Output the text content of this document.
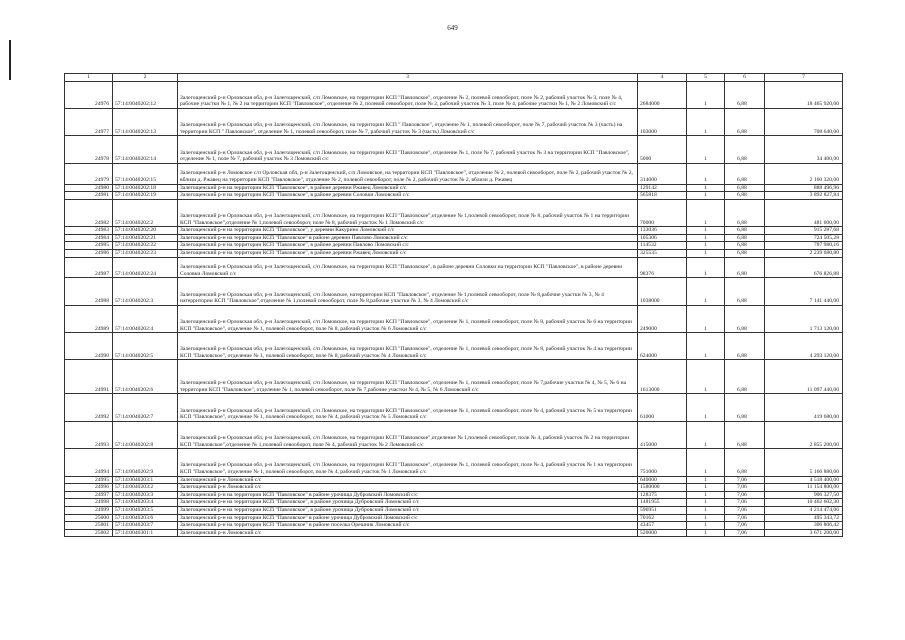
649
1	2	3	4	5	6	7
24976	57:14:0040202:12	Залегощенский р-н Орловская обл, р-н Залегощенский, с/п Ломовское, на территории КСП "Павловское", отделение № 2, полевой севооборот, поле № 2, рабочий участок № 3, поле № 4, рабочие участки № 1, № 2 на территории КСП "Павловское", отделение № 2, полевой севооборот, поле № 2, рабочий участок № 3, поле № 4, рабочие участки № 1, № 2 Ломовский с/с	2684000	1	6,88	18 465 920,00
24977	57:14:0040202:13	Залегощенский р-н Орловская обл, р-н Залегощенский, с/п Ломовское, на территории КСП " Павловское", отделение № 1, полевой севооборот, поле № 7, рабочий участок № 3 (часть) на территории КСП " Павловское", отделение № 1, полевой севооборот, поле № 7, рабочий участок № 3 (часть) Ломовский с/с	103000	1	6,88	708 640,00
24978	57:14:0040202:14	Залегощенский р-н Орловская обл, р-н Залегощенский, с/п Ломовское, на территории КСП "Павловское", отделение № 1, поле № 7, рабочий участок № 3 на территории КСП "Павловское", отделение № 1, поле № 7, рабочий участок № 3 Ломовский с/с	5000	1	6,88	34 400,00
24979	57:14:0040202:15	Залегощенский р-н Ломовское с/п Орловская обл, р-н Залегощенский, с/п Ломовское, на территории КСП "Павловское", отделение № 2, полевой севооборот, поле № 2, рабочий участок № 2, вблизи д. Ржавец на территории КСП "Павловское", отделение № 2, полевой севооборот, поле № 2, рабочий участок № 2, вблизи д. Ржавец	314000	1	6,88	2 160 320,00
24980	57:14:0040202:18	Залегощенский р-н на территории КСП "Павловское", в районе деревни Ржавец Ломовский с/с	129142	1	6,88	888 496,96
24981	57:14:0040202:19	Залегощенский р-н на территории КСП "Павловское", в районе деревни Соловки Ломовский с/с	565818	1	6,88	3 892 827,84
24982	57:14:0040202:2	Залегощенский р-н Орловская обл, р-н Залегощенский, с/п Ломовское, на территории КСП "Павловское",отделение № 1,полевой севооборот, поле № 8, рабочий участок № 1 на территории КСП "Павловское",отделение № 1,полевой севооборот, поле № 8, рабочий участок № 1 Ломовский с/с	70000	1	6,88	481 600,00
24983	57:14:0040202:20	Залегощенский р-н на территории КСП "Павловское", у деревни Какурино Ломовский с/с	133036	1	6,88	915 287,68
24984	57:14:0040202:21	Залегощенский р-н на территории КСП "Павловское" в районе деревни Павлово Ломовский с/с	105306	1	6,88	724 505,28
24985	57:14:0040202:22	Залегощенский р-н на территории КСП "Павловское", в районе деревни Павлово Ломовский с/с	114532	1	6,88	787 980,16
24986	57:14:0040202:23	Залегощенский р-н на территории КСП "Павловское", в районе деревни Ржавец Ломовский с/с	325535	1	6,88	2 239 680,80
24987	57:14:0040202:24	Залегощенский р-н Орловская обл, р-н Залегощенский, с/п Ломовское, на территории КСП "Павловское", в районе деревни Соловки на территории КСП "Павловское", в районе деревни Соловки Ломовский с/с	98376	1	6,88	676 826,88
24988	57:14:0040202:3	Залегощенский р-н Орловская обл, р-н Залегощенский, с/п Ломовское, натерритории КСП "Павловское", отделение № 1,полевой севооборот, поле № 8,рабочие участки № 3, № 4 натерритории КСП "Павловское",отделение № 1,полевой севооборот, поле № 8,рабочие участки № 3, № 4 Ломовский с/с	1038000	1	6,88	7 141 440,00
24989	57:14:0040202:4	Залегощенский р-н Орловская обл, р-н Залегощенский, с/п Ломовское, на территории КСП "Павловское", отделение № 1, полевой севооборот, поле № 8, рабочий участок № 6 на территории КСП "Павловское", отделение № 1, полевой севооборот, поле № 8, рабочий участок № 6 Ломовский с/с	249000	1	6,88	1 713 120,00
24990	57:14:0040202:5	Залегощенский р-н Орловская обл, р-н Залегощенский, с/п Ломовское, на территории КСП "Павловское", отделение № 1, полевой севооборот, поле № 8, рабочий участок № 4 на территории КСП "Павловское", отделение № 1, полевой севооборот, поле № 8, рабочий участок № 4 Ломовский с/с	624000	1	6,88	4 293 120,00
24991	57:14:0040202:6	Залегощенский р-н Орловская обл, р-н Залегощенский, с/п Ломовское, на территории КСП "Павловское", отделение № 1, полевой севооборот, поле № 7,рабочие участки № 4, № 5, № 6 на территории КСП "Павловское", отделение № 1, полевой севооборот, поле № 7,рабочие участки № 4, № 5, № 6 Ломовский с/с	1613000	1	6,88	11 097 440,00
24992	57:14:0040202:7	Залегощенский р-н Орловская обл, р-н Залегощенский, с/п Ломовское, на территории КСП "Павловское", отделение № 1, полевой севооборот, поле № 4, рабочий участок № 5 на территории КСП "Павловское", отделение № 1, полевой севооборот, поле № 4, рабочий участок № 5 Ломовский с/с	61000	1	6,88	419 680,00
24993	57:14:0040202:8	Залегощенский р-н Орловская обл, р-н Залегощенский, с/п Ломовское, на территории КСП "Павловское",отделение № 1,полевой севооборот, поле № 4, рабочий участок № 2 на территории КСП "Павловское",отделение № 1,полевой севооборот, поле № 4, рабочий участок № 2 Ломовский с/с	415000	1	6,88	2 855 200,00
24994	57:14:0040202:9	Залегощенский р-н Орловская обл, р-н Залегощенский, с/п Ломовское, на территории КСП "Павловское", отделение № 1, полевой севооборот, поле № 4, рабочий участок № 1 на территории КСП "Павловское", отделение № 1, полевой севооборот, поле № 4, рабочий участок № 1 Ломовский с/с	751000	1	6,88	5 166 880,00
24995	57:14:0040203:1	Залегощенский р-н Ломовский с/с	640000	1	7,06	4 518 400,00
24996	57:14:0040203:2	Залегощенский р-н Ломовский с/с	1580000	1	7,06	11 154 800,00
24997	57:14:0040203:3	Залегощенский р-н на территории КСП "Павловское" в районе урочища Дубровский Ломовский с/с	128375	1	7,06	906 327,50
24998	57:14:0040203:4	Залегощенский р-н на территории КСП "Павловское", в районе урочища Дубровский Ломовский с/с	1481955	1	7,06	10 462 602,30
24999	57:14:0040203:5	Залегощенский р-н на территории КСП "Павловское", в районе урочища Дубровский Ломовский с/с	596951	1	7,06	4 214 474,06
25000	57:14:0040203:6	Залегощенский р-н на территории КСП "Павловское" в районе урочища Дубровский Ломовский с/с	70162	1	7,06	495 343,72
25001	57:14:0040203:7	Залегощенский р-н на территории КСП "Павловское" в районе поселка Орешник Ломовский с/с	43457	1	7,06	306 806,42
25002	57:14:0040301:1	Залегощенский р-н Ломовский с/с	520000	1	7,06	3 671 200,00
